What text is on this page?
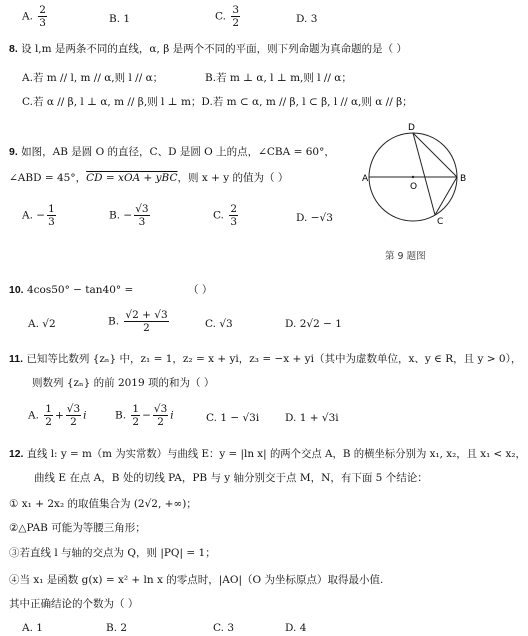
A. $\frac{2}{3}$	B. 1	C. $\frac{3}{2}$	D. 3
8. 设 l,m 是两条不同的直线，α, β 是两个不同的平面，则下列命题为真命题的是（ ）
A.若 m // l, m // α,则 l // α；	B.若 m ⊥ α, l ⊥ m,则 l // α；
C.若 α // β, l ⊥ α, m // β,则 l ⊥ m；D.若 m ⊂ α, m // β, l ⊂ β, l // α,则 α // β；
9. 如图，AB 是圆 O 的直径，C、D 是圆 O 上的点，∠CBA = 60°，
∠ABD = 45°，CD = xOA + yBC，则 x + y 的值为（ ）
A. − $\frac{1}{3}$	B. − $\frac{√3}{3}$	C. $\frac{2}{3}$	D. −√3
A	B
D
C
O
第 9 题图
10. 4cos50° − tan40° =	（ ）
A. √2	B. $\frac{√2 + √3}{2}$	C. √3	D. 2√2 − 1
11. 已知等比数列 {zₙ} 中，z₁ = 1，z₂ = x + yi，z₃ = −x + yi（其中为虚数单位，x、y ∈ R，且 y > 0），
则数列 {zₙ} 的前 2019 项的和为（ ）
A. $\frac{1}{2} + \frac{√3}{2}$ i	B. $\frac{1}{2} - \frac{√3}{2}$ i	C. 1 − √3i D. 1 + √3i
12. 直线 l: y = m（m 为实常数）与曲线 E：y = |ln x| 的两个交点 A，B 的横坐标分别为 x₁, x₂，且 x₁ < x₂，
曲线 E 在点 A，B 处的切线 PA，PB 与 y 轴分别交于点 M，N，有下面 5 个结论：
① x₁ + 2x₂ 的取值集合为 (2√2, +∞)；
②△PAB 可能为等腰三角形；
③若直线 l 与轴的交点为 Q，则 |PQ| = 1；
④当 x₁ 是函数 g(x) = x² + ln x 的零点时，|AO|（O 为坐标原点）取得最小值.
其中正确结论的个数为（ ）
A. 1	B. 2	C. 3	D. 4
